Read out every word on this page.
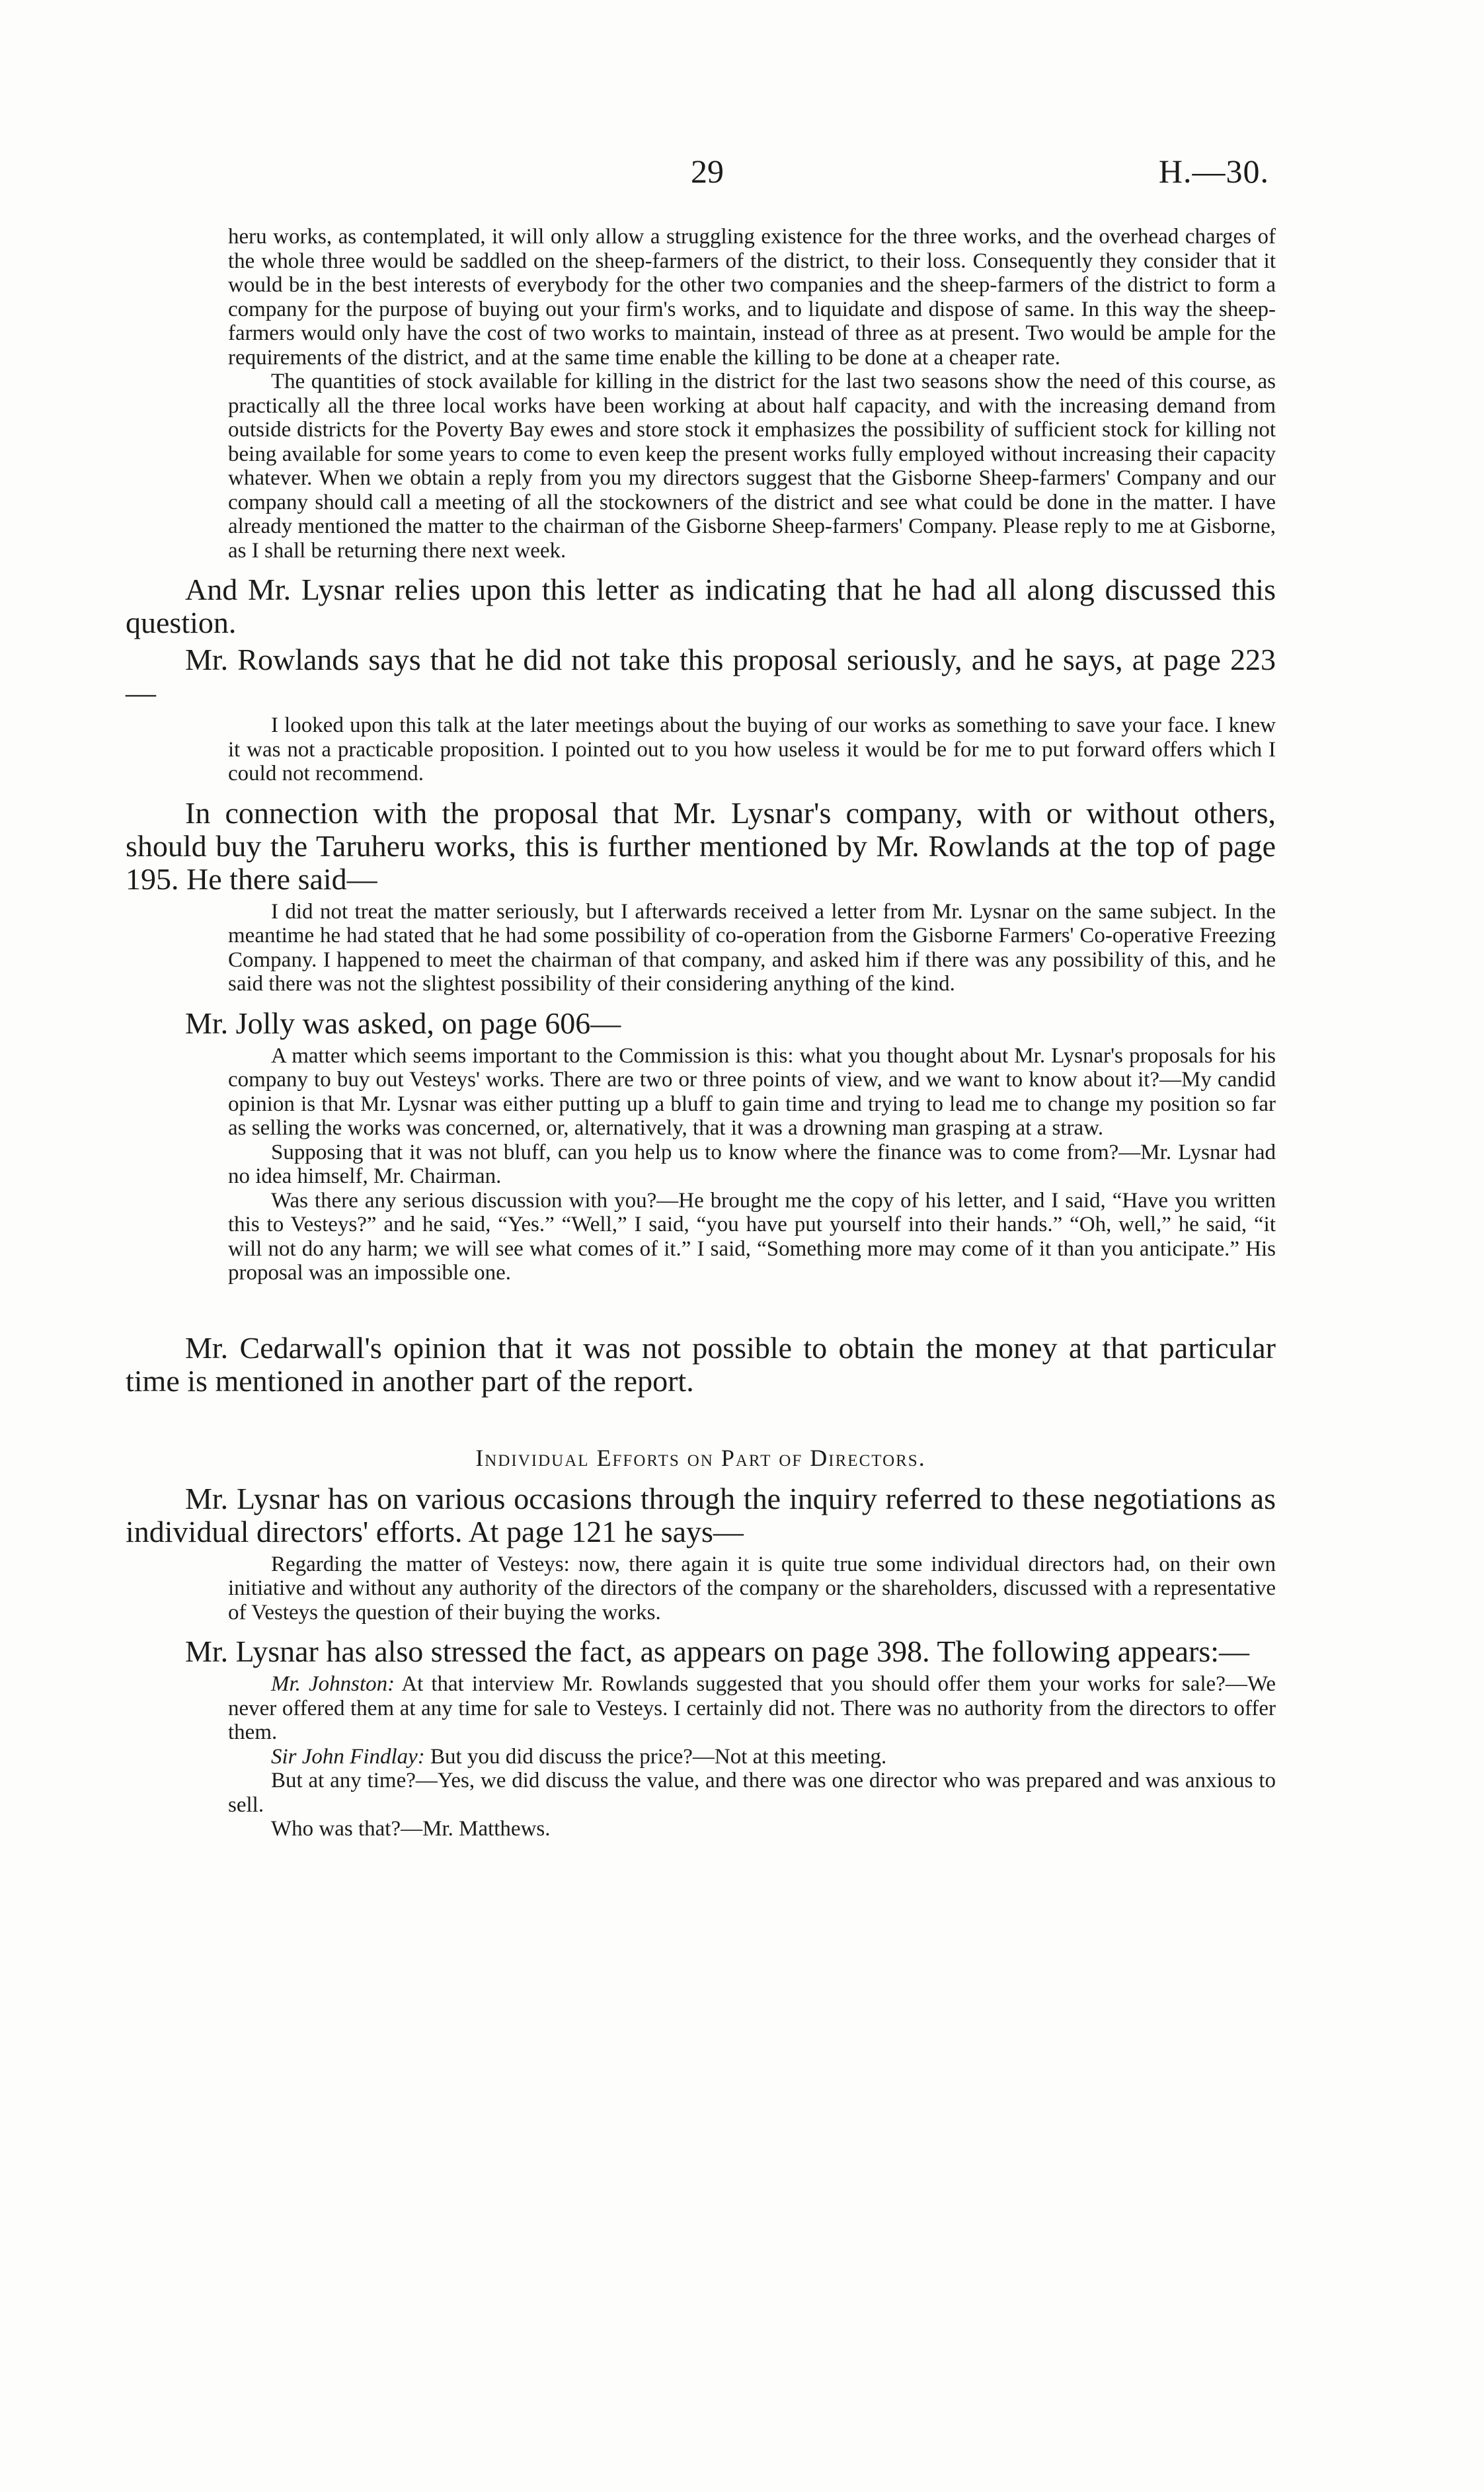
29	H.—30.

heru works, as contemplated, it will only allow a struggling existence for the three works, and the overhead charges of the whole three would be saddled on the sheep-farmers of the district, to their loss. Consequently they consider that it would be in the best interests of everybody for the other two companies and the sheep-farmers of the district to form a company for the purpose of buying out your firm's works, and to liquidate and dispose of same. In this way the sheep-farmers would only have the cost of two works to maintain, instead of three as at present. Two would be ample for the requirements of the district, and at the same time enable the killing to be done at a cheaper rate.

The quantities of stock available for killing in the district for the last two seasons show the need of this course, as practically all the three local works have been working at about half capacity, and with the increasing demand from outside districts for the Poverty Bay ewes and store stock it emphasizes the possibility of sufficient stock for killing not being available for some years to come to even keep the present works fully employed without increasing their capacity whatever. When we obtain a reply from you my directors suggest that the Gisborne Sheep-farmers' Company and our company should call a meeting of all the stockowners of the district and see what could be done in the matter. I have already mentioned the matter to the chairman of the Gisborne Sheep-farmers' Company. Please reply to me at Gisborne, as I shall be returning there next week.

And Mr. Lysnar relies upon this letter as indicating that he had all along discussed this question.

Mr. Rowlands says that he did not take this proposal seriously, and he says, at page 223—

I looked upon this talk at the later meetings about the buying of our works as something to save your face. I knew it was not a practicable proposition. I pointed out to you how useless it would be for me to put forward offers which I could not recommend.

In connection with the proposal that Mr. Lysnar's company, with or without others, should buy the Taruheru works, this is further mentioned by Mr. Rowlands at the top of page 195. He there said—

I did not treat the matter seriously, but I afterwards received a letter from Mr. Lysnar on the same subject. In the meantime he had stated that he had some possibility of co-operation from the Gisborne Farmers' Co-operative Freezing Company. I happened to meet the chairman of that company, and asked him if there was any possibility of this, and he said there was not the slightest possibility of their considering anything of the kind.

Mr. Jolly was asked, on page 606—

A matter which seems important to the Commission is this: what you thought about Mr. Lysnar's proposals for his company to buy out Vesteys' works. There are two or three points of view, and we want to know about it?—My candid opinion is that Mr. Lysnar was either putting up a bluff to gain time and trying to lead me to change my position so far as selling the works was concerned, or, alternatively, that it was a drowning man grasping at a straw.

Supposing that it was not bluff, can you help us to know where the finance was to come from?—Mr. Lysnar had no idea himself, Mr. Chairman.

Was there any serious discussion with you?—He brought me the copy of his letter, and I said, “Have you written this to Vesteys?” and he said, “Yes.” “Well,” I said, “you have put yourself into their hands.” “Oh, well,” he said, “it will not do any harm; we will see what comes of it.” I said, “Something more may come of it than you anticipate.” His proposal was an impossible one.

Mr. Cedarwall's opinion that it was not possible to obtain the money at that particular time is mentioned in another part of the report.

Individual Efforts on Part of Directors.

Mr. Lysnar has on various occasions through the inquiry referred to these negotiations as individual directors' efforts. At page 121 he says—

Regarding the matter of Vesteys: now, there again it is quite true some individual directors had, on their own initiative and without any authority of the directors of the company or the shareholders, discussed with a representative of Vesteys the question of their buying the works.

Mr. Lysnar has also stressed the fact, as appears on page 398. The following appears:—

Mr. Johnston: At that interview Mr. Rowlands suggested that you should offer them your works for sale?—We never offered them at any time for sale to Vesteys. I certainly did not. There was no authority from the directors to offer them.

Sir John Findlay: But you did discuss the price?—Not at this meeting.

But at any time?—Yes, we did discuss the value, and there was one director who was prepared and was anxious to sell.

Who was that?—Mr. Matthews.
